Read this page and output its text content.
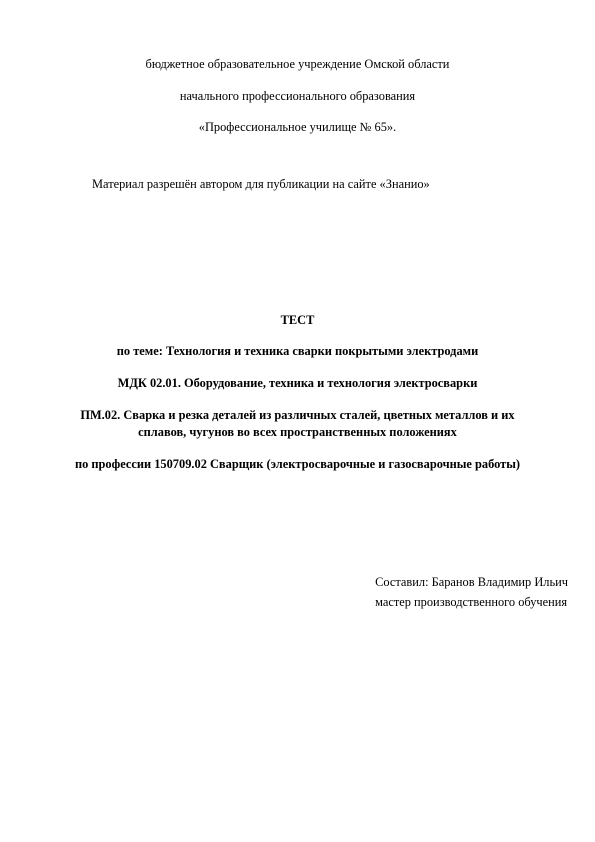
бюджетное образовательное учреждение Омской области
начального профессионального образования
«Профессиональное училище № 65».
Материал разрешён автором для публикации на сайте «Знанио»
ТЕСТ
по теме: Технология и техника сварки покрытыми электродами
МДК 02.01. Оборудование, техника и технология электросварки
ПМ.02. Сварка и резка деталей из различных сталей, цветных металлов и их
сплавов, чугунов во всех пространственных положениях
по профессии 150709.02 Сварщик (электросварочные и газосварочные работы)
Составил: Баранов Владимир Ильич
мастер производственного обучения
